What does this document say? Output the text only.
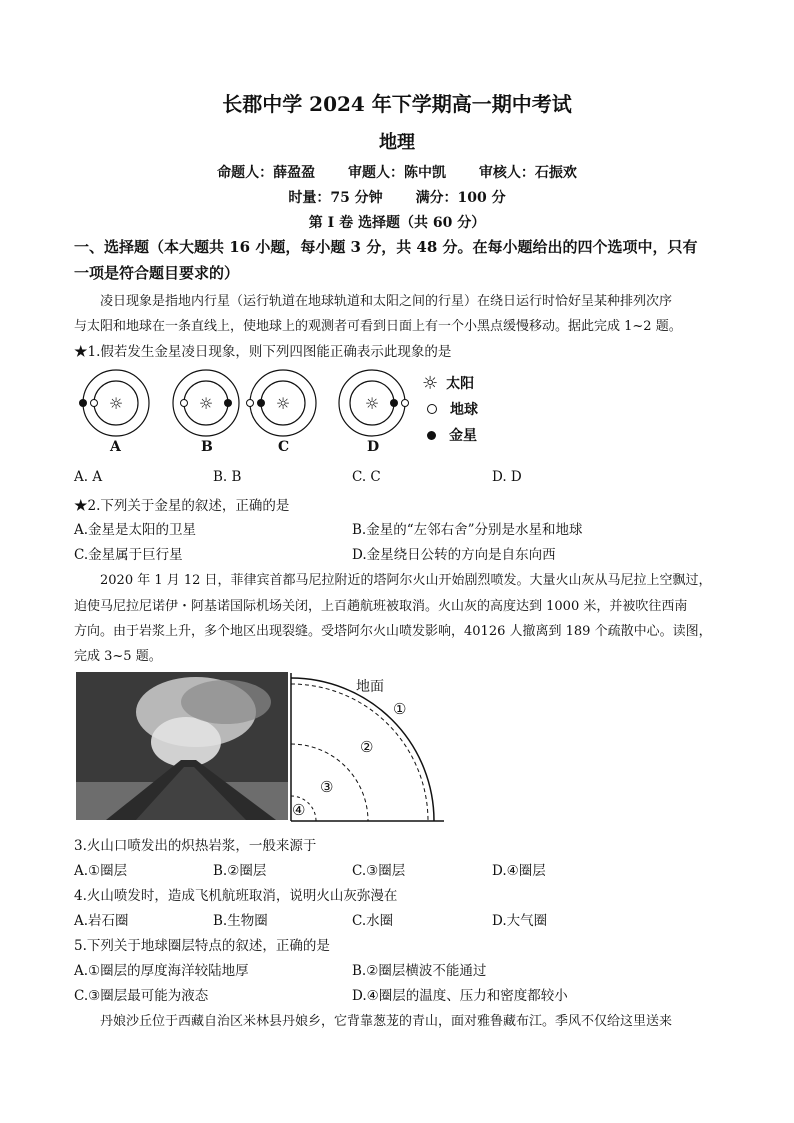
长郡中学 2024 年下学期高一期中考试
地理
命题人：薛盈盈 审题人：陈中凯 审核人：石振欢
时量：75 分钟 满分：100 分
第 I 卷 选择题（共 60 分）
一、选择题（本大题共 16 小题，每小题 3 分，共 48 分。在每小题给出的四个选项中，只有
一项是符合题目要求的）
凌日现象是指地内行星（运行轨道在地球轨道和太阳之间的行星）在绕日运行时恰好呈某种排列次序
与太阳和地球在一条直线上，使地球上的观测者可看到日面上有一个小黑点缓慢移动。据此完成 1~2 题。
★1.假若发生金星凌日现象，则下列四图能正确表示此现象的是
☼	☼	☼	☼
A	B	C	D
☼ 太阳
地球
金星
A. A	B. B	C. C	D. D
★2.下列关于金星的叙述，正确的是
A.金星是太阳的卫星	B.金星的“左邻右舍”分别是水星和地球
C.金星属于巨行星	D.金星绕日公转的方向是自东向西
2020 年 1 月 12 日，菲律宾首都马尼拉附近的塔阿尔火山开始剧烈喷发。大量火山灰从马尼拉上空飘过，
迫使马尼拉尼诺伊・阿基诺国际机场关闭，上百趟航班被取消。火山灰的高度达到 1000 米，并被吹往西南
方向。由于岩浆上升，多个地区出现裂缝。受塔阿尔火山喷发影响，40126 人撤离到 189 个疏散中心。读图，
完成 3~5 题。
地面
①
②
③
④
3.火山口喷发出的炽热岩浆，一般来源于
A.①圈层	B.②圈层	C.③圈层	D.④圈层
4.火山喷发时，造成飞机航班取消，说明火山灰弥漫在
A.岩石圈	B.生物圈	C.水圈	D.大气圈
5.下列关于地球圈层特点的叙述，正确的是
A.①圈层的厚度海洋较陆地厚	B.②圈层横波不能通过
C.③圈层最可能为液态	D.④圈层的温度、压力和密度都较小
丹娘沙丘位于西藏自治区米林县丹娘乡，它背靠葱茏的青山，面对雅鲁藏布江。季风不仅给这里送来
